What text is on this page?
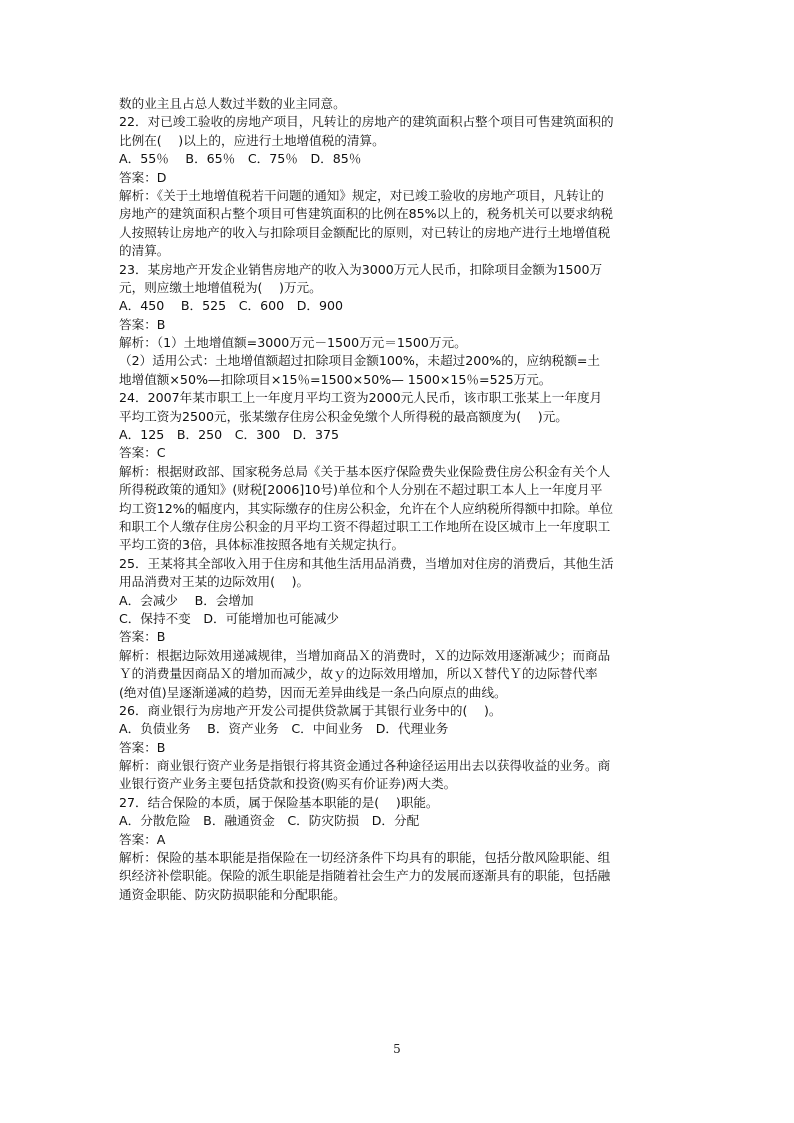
数的业主且占总人数过半数的业主同意。
22．对已竣工验收的房地产项目，凡转让的房地产的建筑面积占整个项目可售建筑面积的
比例在(　 )以上的，应进行土地增值税的清算。
A．55％　 B．65％　C．75％　D．85％
答案：D
解析：《关于土地增值税若干问题的通知》规定，对已竣工验收的房地产项目，凡转让的
房地产的建筑面积占整个项目可售建筑面积的比例在85%以上的，税务机关可以要求纳税
人按照转让房地产的收入与扣除项目金额配比的原则，对已转让的房地产进行土地增值税
的清算。
23．某房地产开发企业销售房地产的收入为3000万元人民币，扣除项目金额为1500万
元，则应缴土地增值税为(　 )万元。
A．450　 B．525　C．600　D．900
答案：B
解析：（1）土地增值额=3000万元－1500万元＝1500万元。
（2）适用公式：土地增值额超过扣除项目金额100%，未超过200%的，应纳税额=土
地增值额×50%—扣除项目×15％=1500×50%— 1500×15％=525万元。
24．2007年某市职工上一年度月平均工资为2000元人民币，该市职工张某上一年度月
平均工资为2500元，张某缴存住房公积金免缴个人所得税的最高额度为(　 )元。
A．125　B．250　C．300　D．375
答案：C
解析：根据财政部、国家税务总局《关于基本医疗保险费失业保险费住房公积金有关个人
所得税政策的通知》(财税[2006]10号)单位和个人分别在不超过职工本人上一年度月平
均工资12%的幅度内，其实际缴存的住房公积金，允许在个人应纳税所得额中扣除。单位
和职工个人缴存住房公积金的月平均工资不得超过职工工作地所在设区城市上一年度职工
平均工资的3倍，具体标准按照各地有关规定执行。
25．王某将其全部收入用于住房和其他生活用品消费，当增加对住房的消费后，其他生活
用品消费对王某的边际效用(　 )。
A．会减少　 B．会增加
C．保持不变　D．可能增加也可能减少
答案：B
解析：根据边际效用递减规律，当增加商品Ｘ的消费时，Ｘ的边际效用逐渐减少；而商品
Ｙ的消费量因商品Ｘ的增加而减少，故ｙ的边际效用增加，所以Ｘ替代Ｙ的边际替代率
(绝对值)呈逐渐递减的趋势，因而无差异曲线是一条凸向原点的曲线。
26．商业银行为房地产开发公司提供贷款属于其银行业务中的(　 )。
A．负债业务　 B．资产业务　C．中间业务　D．代理业务
答案：B
解析：商业银行资产业务是指银行将其资金通过各种途径运用出去以获得收益的业务。商
业银行资产业务主要包括贷款和投资(购买有价证券)两大类。
27．结合保险的本质，属于保险基本职能的是(　 )职能。
A．分散危险　B．融通资金　C．防灾防损　D．分配
答案：A
解析：保险的基本职能是指保险在一切经济条件下均具有的职能，包括分散风险职能、组
织经济补偿职能。保险的派生职能是指随着社会生产力的发展而逐渐具有的职能，包括融
通资金职能、防灾防损职能和分配职能。
5
